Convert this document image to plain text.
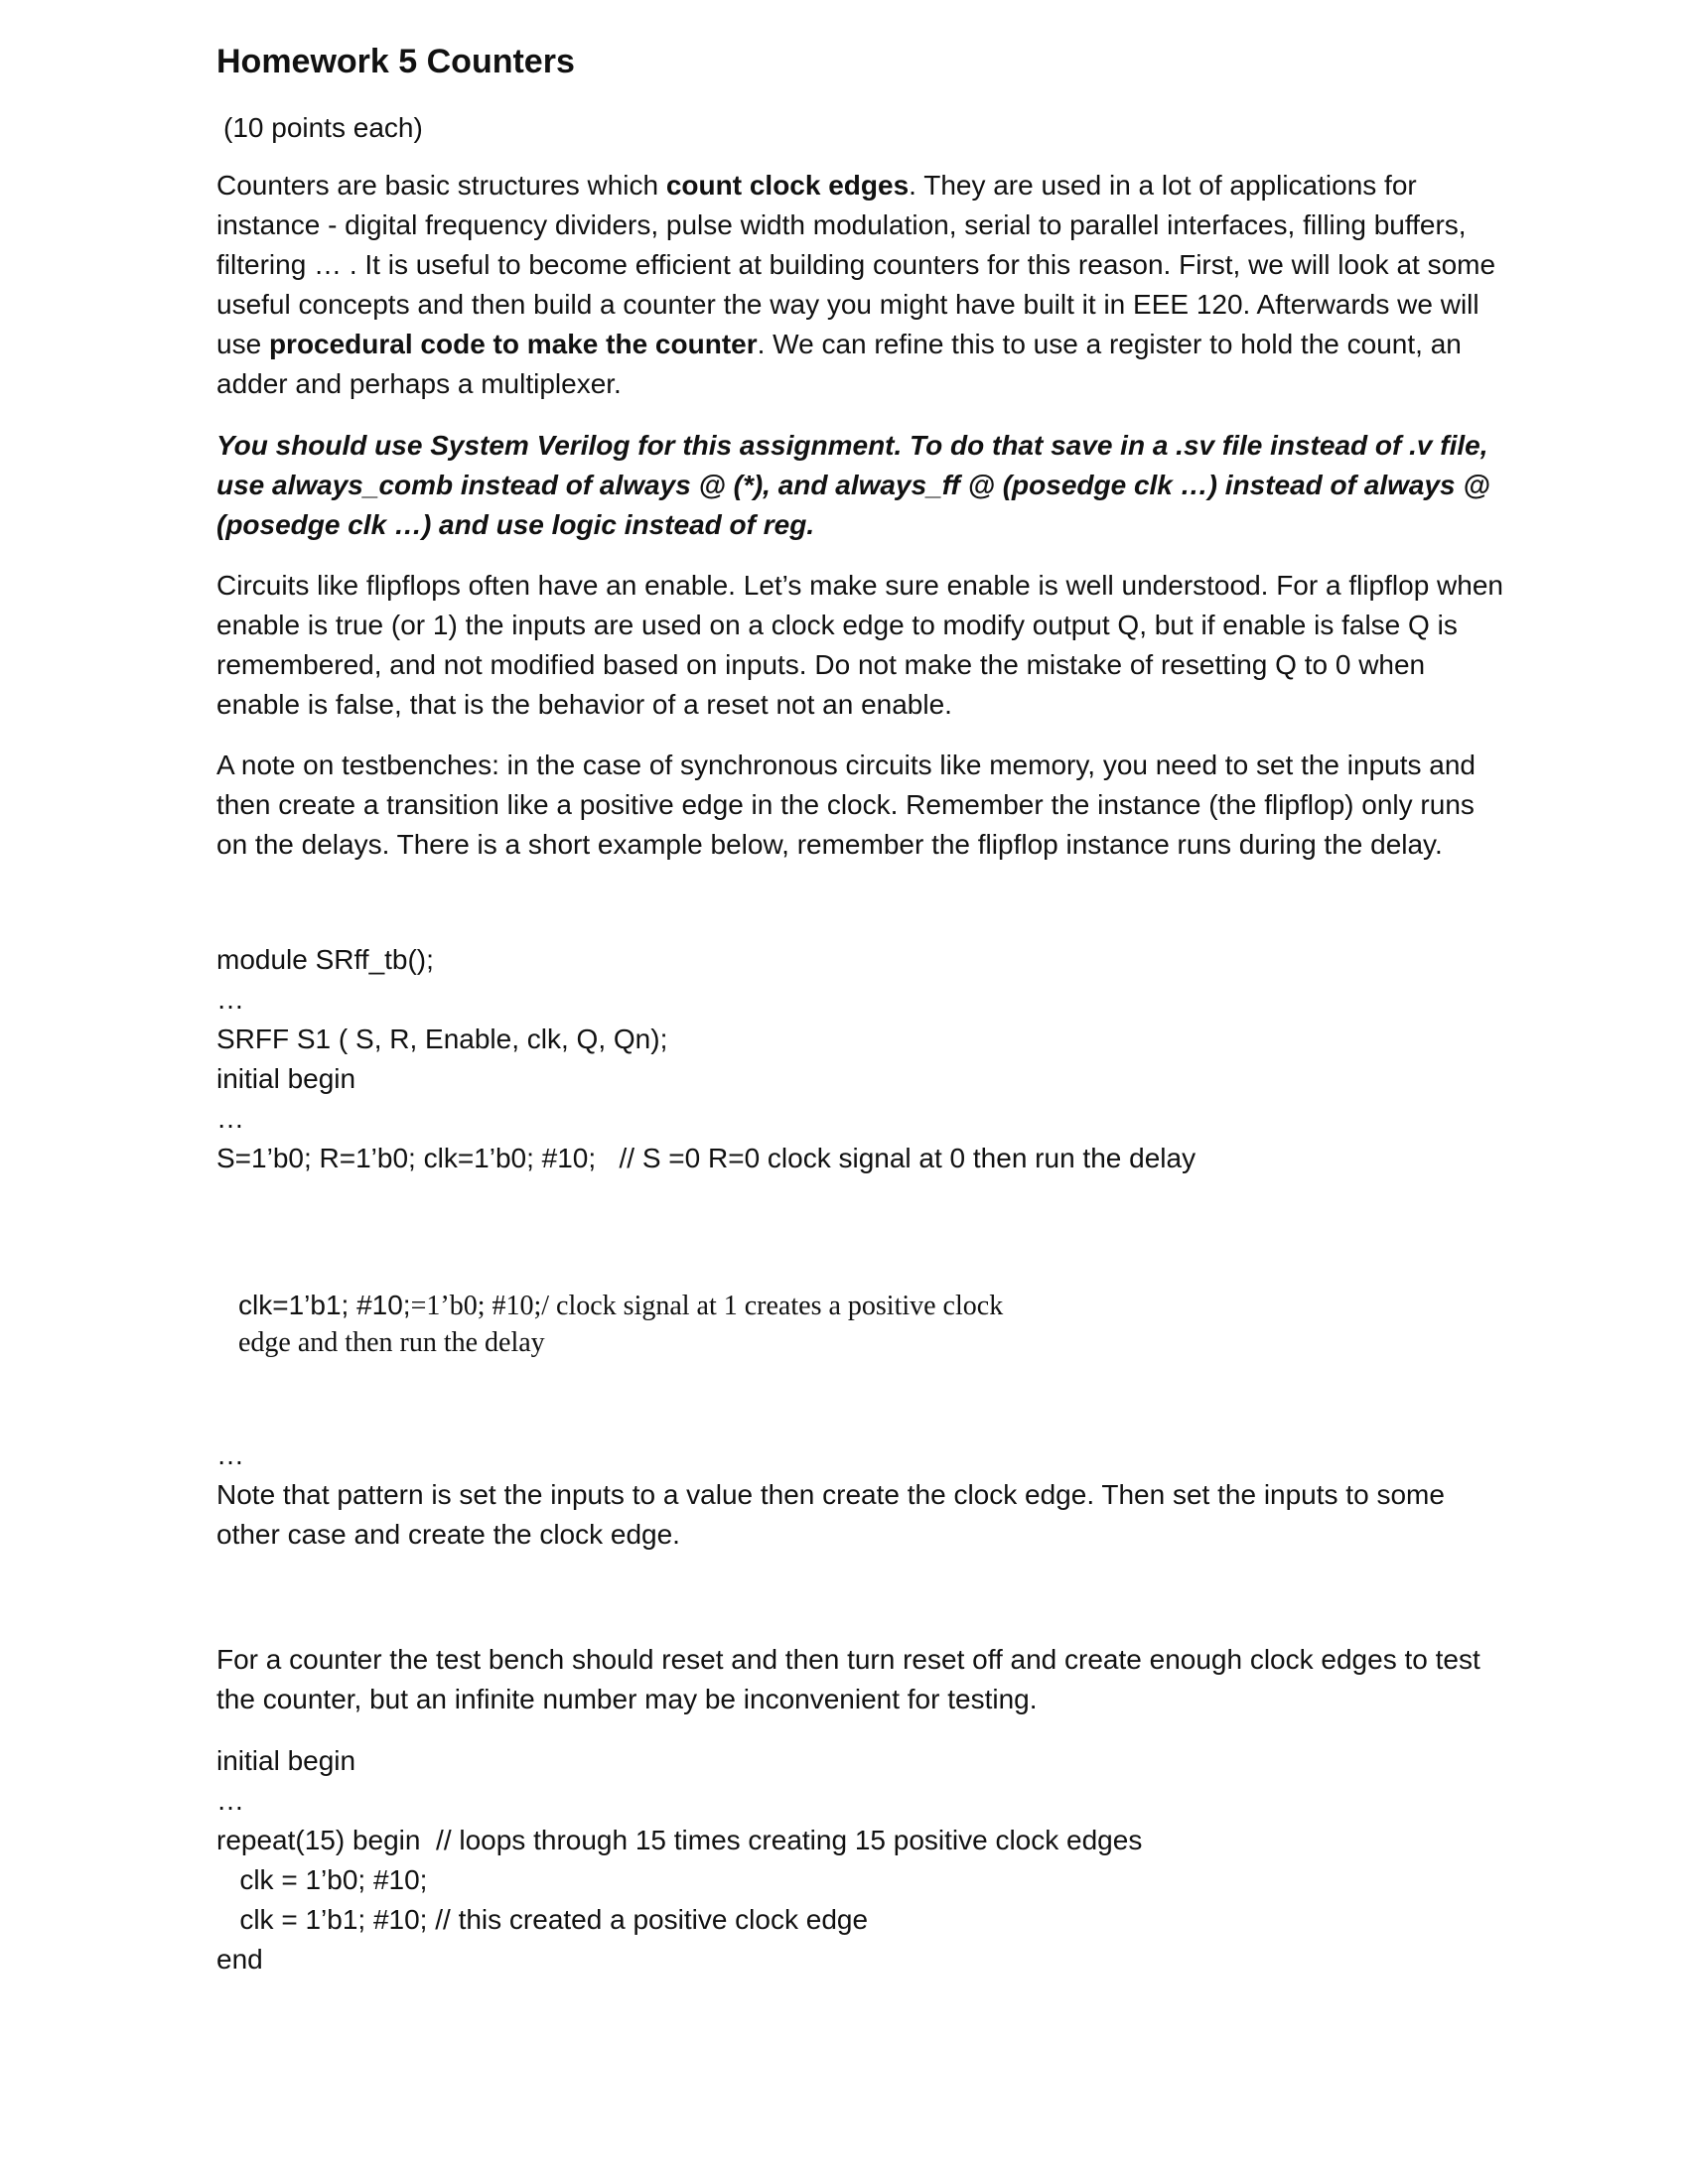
Homework 5 Counters
(10 points each)

Counters are basic structures which count clock edges. They are used in a lot of applications for instance - digital frequency dividers, pulse width modulation, serial to parallel interfaces, filling buffers, filtering … . It is useful to become efficient at building counters for this reason. First, we will look at some useful concepts and then build a counter the way you might have built it in EEE 120. Afterwards we will use procedural code to make the counter. We can refine this to use a register to hold the count, an adder and perhaps a multiplexer.

You should use System Verilog for this assignment. To do that save in a .sv file instead of .v file, use always_comb instead of always @ (*), and always_ff @ (posedge clk …) instead of always @ (posedge clk …) and use logic instead of reg.

Circuits like flipflops often have an enable. Let’s make sure enable is well understood. For a flipflop when enable is true (or 1) the inputs are used on a clock edge to modify output Q, but if enable is false Q is remembered, and not modified based on inputs. Do not make the mistake of resetting Q to 0 when enable is false, that is the behavior of a reset not an enable.

A note on testbenches: in the case of synchronous circuits like memory, you need to set the inputs and then create a transition like a positive edge in the clock. Remember the instance (the flipflop) only runs on the delays. There is a short example below, remember the flipflop instance runs during the delay.

module SRff_tb();
…
SRFF S1 ( S, R, Enable, clk, Q, Qn);
initial begin
…
S=1’b0; R=1’b0; clk=1’b0; #10;   // S =0 R=0 clock signal at 0 then run the delay
clk=1’b1; #10;=1’b0; #10;/ clock signal at 1 creates a positive clock
edge and then run the delay
…

Note that pattern is set the inputs to a value then create the clock edge. Then set the inputs to some other case and create the clock edge.

For a counter the test bench should reset and then turn reset off and create enough clock edges to test the counter, but an infinite number may be inconvenient for testing.

initial begin
…
repeat(15) begin  // loops through 15 times creating 15 positive clock edges
clk = 1’b0; #10;
clk = 1’b1; #10; // this created a positive clock edge
end
